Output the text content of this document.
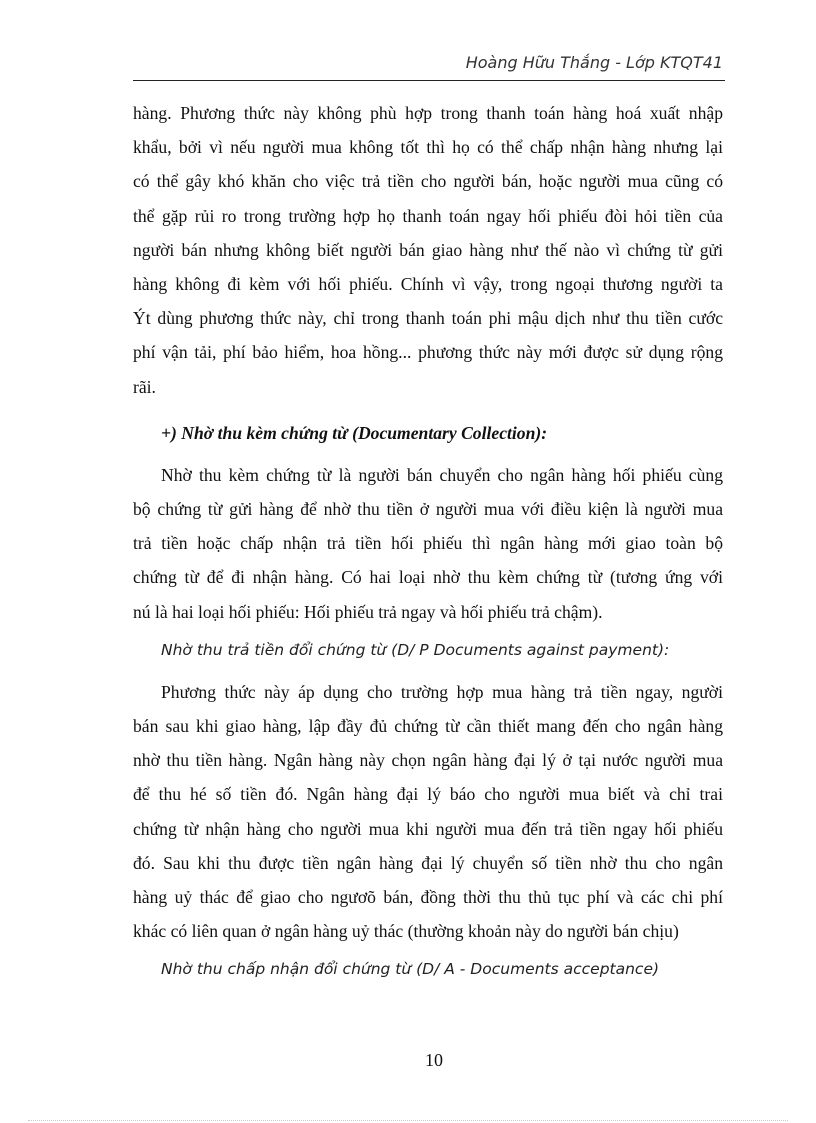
Hoàng Hữu Thắng - Lớp KTQT41

hàng. Phương thức này không phù hợp trong thanh toán hàng hoá xuất nhập
khẩu, bởi vì nếu người mua không tốt thì họ có thể chấp nhận hàng nhưng lại
có thể gây khó khăn cho việc trả tiền cho người bán, hoặc người mua cũng có
thể gặp rủi ro trong trường hợp họ thanh toán ngay hối phiếu đòi hỏi tiền của
người bán nhưng không biết người bán giao hàng như thế nào vì chứng từ gửi
hàng không đi kèm với hối phiếu. Chính vì vậy, trong ngoại thương người ta
Ýt dùng phương thức này, chỉ trong thanh toán phi mậu dịch như thu tiền cước
phí vận tải, phí bảo hiểm, hoa hồng... phương thức này mới được sử dụng rộng
rãi.

+) Nhờ thu kèm chứng từ (Documentary Collection):

Nhờ thu kèm chứng từ là người bán chuyển cho ngân hàng hối phiếu cùng
bộ chứng từ gửi hàng để nhờ thu tiền ở người mua với điều kiện là người mua
trả tiền hoặc chấp nhận trả tiền hối phiếu thì ngân hàng mới giao toàn bộ
chứng từ để đi nhận hàng. Có hai loại nhờ thu kèm chứng từ (tương ứng với
nú là hai loại hối phiếu: Hối phiếu trả ngay và hối phiếu trả chậm).

Nhờ thu trả tiền đổi chứng từ (D/ P Documents against payment):

Phương thức này áp dụng cho trường hợp mua hàng trả tiền ngay, người
bán sau khi giao hàng, lập đầy đủ chứng từ cần thiết mang đến cho ngân hàng
nhờ thu tiền hàng. Ngân hàng này chọn ngân hàng đại lý ở tại nước người mua
để thu hé số tiền đó. Ngân hàng đại lý báo cho người mua biết và chỉ trai
chứng từ nhận hàng cho người mua khi người mua đến trả tiền ngay hối phiếu
đó. Sau khi thu được tiền ngân hàng đại lý chuyển số tiền nhờ thu cho ngân
hàng uỷ thác để giao cho ngươõ bán, đồng thời thu thủ tục phí và các chi phí
khác có liên quan ở ngân hàng uỷ thác (thường khoản này do người bán chịu)

Nhờ thu chấp nhận đổi chứng từ (D/ A - Documents acceptance)

10
